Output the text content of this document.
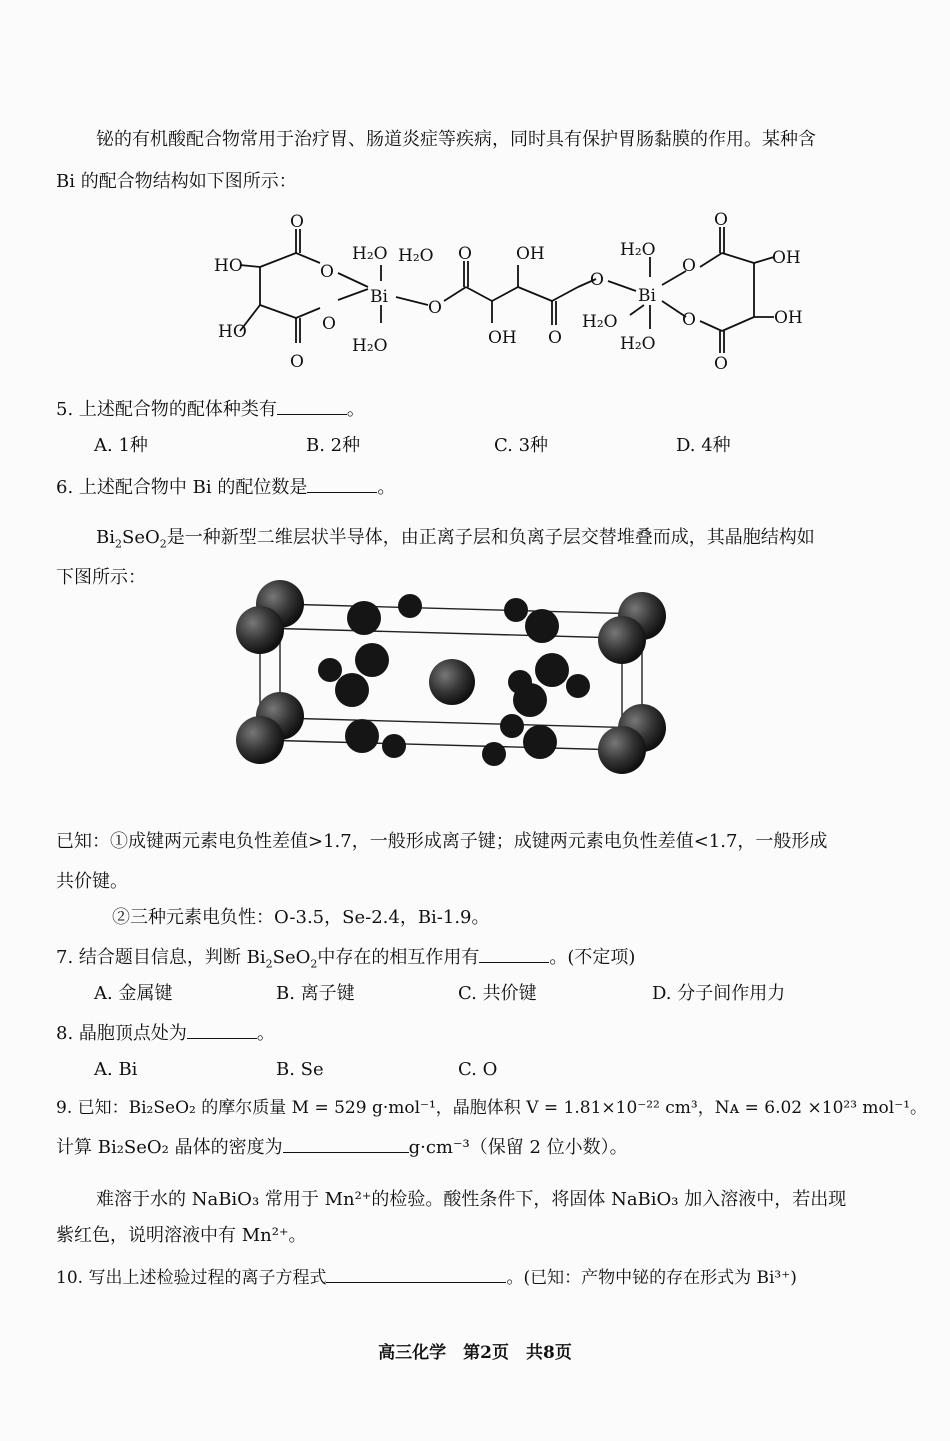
铋的有机酸配合物常用于治疗胃、肠道炎症等疾病，同时具有保护胃肠黏膜的作用。某种含
Bi 的配合物结构如下图所示：
O
O
HO
HO
O
O
H₂O H₂O
Bi
H₂O
O
O	OH
OH O
O
H₂O
Bi
H₂O
H₂O
O
O
O
O
OH
OH
5. 上述配合物的配体种类有	。
A. 1种	B. 2种	C. 3种	D. 4种
6. 上述配合物中 Bi 的配位数是	。
$Bi_2SeO_2$是一种新型二维层状半导体，由正离子层和负离子层交替堆叠而成，其晶胞结构如
下图所示：
已知：①成键两元素电负性差值>1.7，一般形成离子键；成键两元素电负性差值<1.7，一般形成
共价键。
②三种元素电负性：O-3.5，Se-2.4，Bi-1.9。
7. 结合题目信息，判断 $Bi_2SeO_2$中存在的相互作用有	。(不定项)
A. 金属键	B. 离子键	C. 共价键	D. 分子间作用力
8. 晶胞顶点处为	。
A. Bi	B. Se	C. O
9. 已知：Bi₂SeO₂ 的摩尔质量 M = 529 g·mol⁻¹，晶胞体积 V = 1.81×10⁻²² cm³，Nᴀ = 6.02 ×10²³ mol⁻¹。
计算 Bi₂SeO₂ 晶体的密度为	g·cm⁻³（保留 2 位小数）。
难溶于水的 NaBiO₃ 常用于 Mn²⁺的检验。酸性条件下，将固体 NaBiO₃ 加入溶液中，若出现
紫红色，说明溶液中有 Mn²⁺。
10. 写出上述检验过程的离子方程式	。(已知：产物中铋的存在形式为 Bi³⁺)
高三化学　第2页　共8页
